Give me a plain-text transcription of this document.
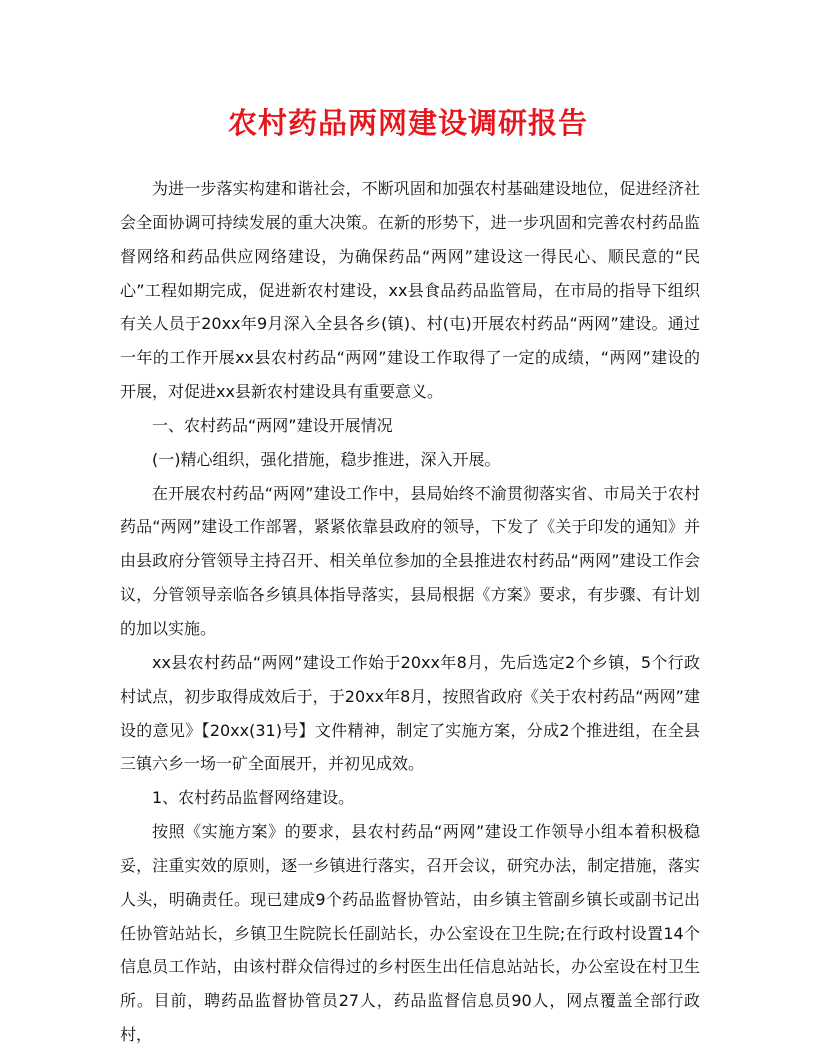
农村药品两网建设调研报告

为进一步落实构建和谐社会，不断巩固和加强农村基础建设地位，促进经济社会全面协调可持续发展的重大决策。在新的形势下，进一步巩固和完善农村药品监督网络和药品供应网络建设，为确保药品“两网”建设这一得民心、顺民意的“民心”工程如期完成，促进新农村建设，xx县食品药品监管局，在市局的指导下组织有关人员于20xx年9月深入全县各乡(镇)、村(屯)开展农村药品“两网”建设。通过一年的工作开展xx县农村药品“两网”建设工作取得了一定的成绩，“两网”建设的开展，对促进xx县新农村建设具有重要意义。

一、农村药品“两网”建设开展情况

(一)精心组织，强化措施，稳步推进，深入开展。

在开展农村药品“两网”建设工作中，县局始终不渝贯彻落实省、市局关于农村药品“两网”建设工作部署，紧紧依靠县政府的领导，下发了《关于印发的通知》并由县政府分管领导主持召开、相关单位参加的全县推进农村药品“两网”建设工作会议，分管领导亲临各乡镇具体指导落实，县局根据《方案》要求，有步骤、有计划的加以实施。

xx县农村药品“两网”建设工作始于20xx年8月，先后选定2个乡镇，5个行政村试点，初步取得成效后于，于20xx年8月，按照省政府《关于农村药品“两网”建设的意见》【20xx(31)号】文件精神，制定了实施方案，分成2个推进组，在全县三镇六乡一场一矿全面展开，并初见成效。

1、农村药品监督网络建设。

按照《实施方案》的要求，县农村药品“两网”建设工作领导小组本着积极稳妥，注重实效的原则，逐一乡镇进行落实，召开会议，研究办法，制定措施，落实人头，明确责任。现已建成9个药品监督协管站，由乡镇主管副乡镇长或副书记出任协管站站长，乡镇卫生院院长任副站长，办公室设在卫生院;在行政村设置14个信息员工作站，由该村群众信得过的乡村医生出任信息站站长，办公室设在村卫生所。目前，聘药品监督协管员27人，药品监督信息员90人，网点覆盖全部行政村，
